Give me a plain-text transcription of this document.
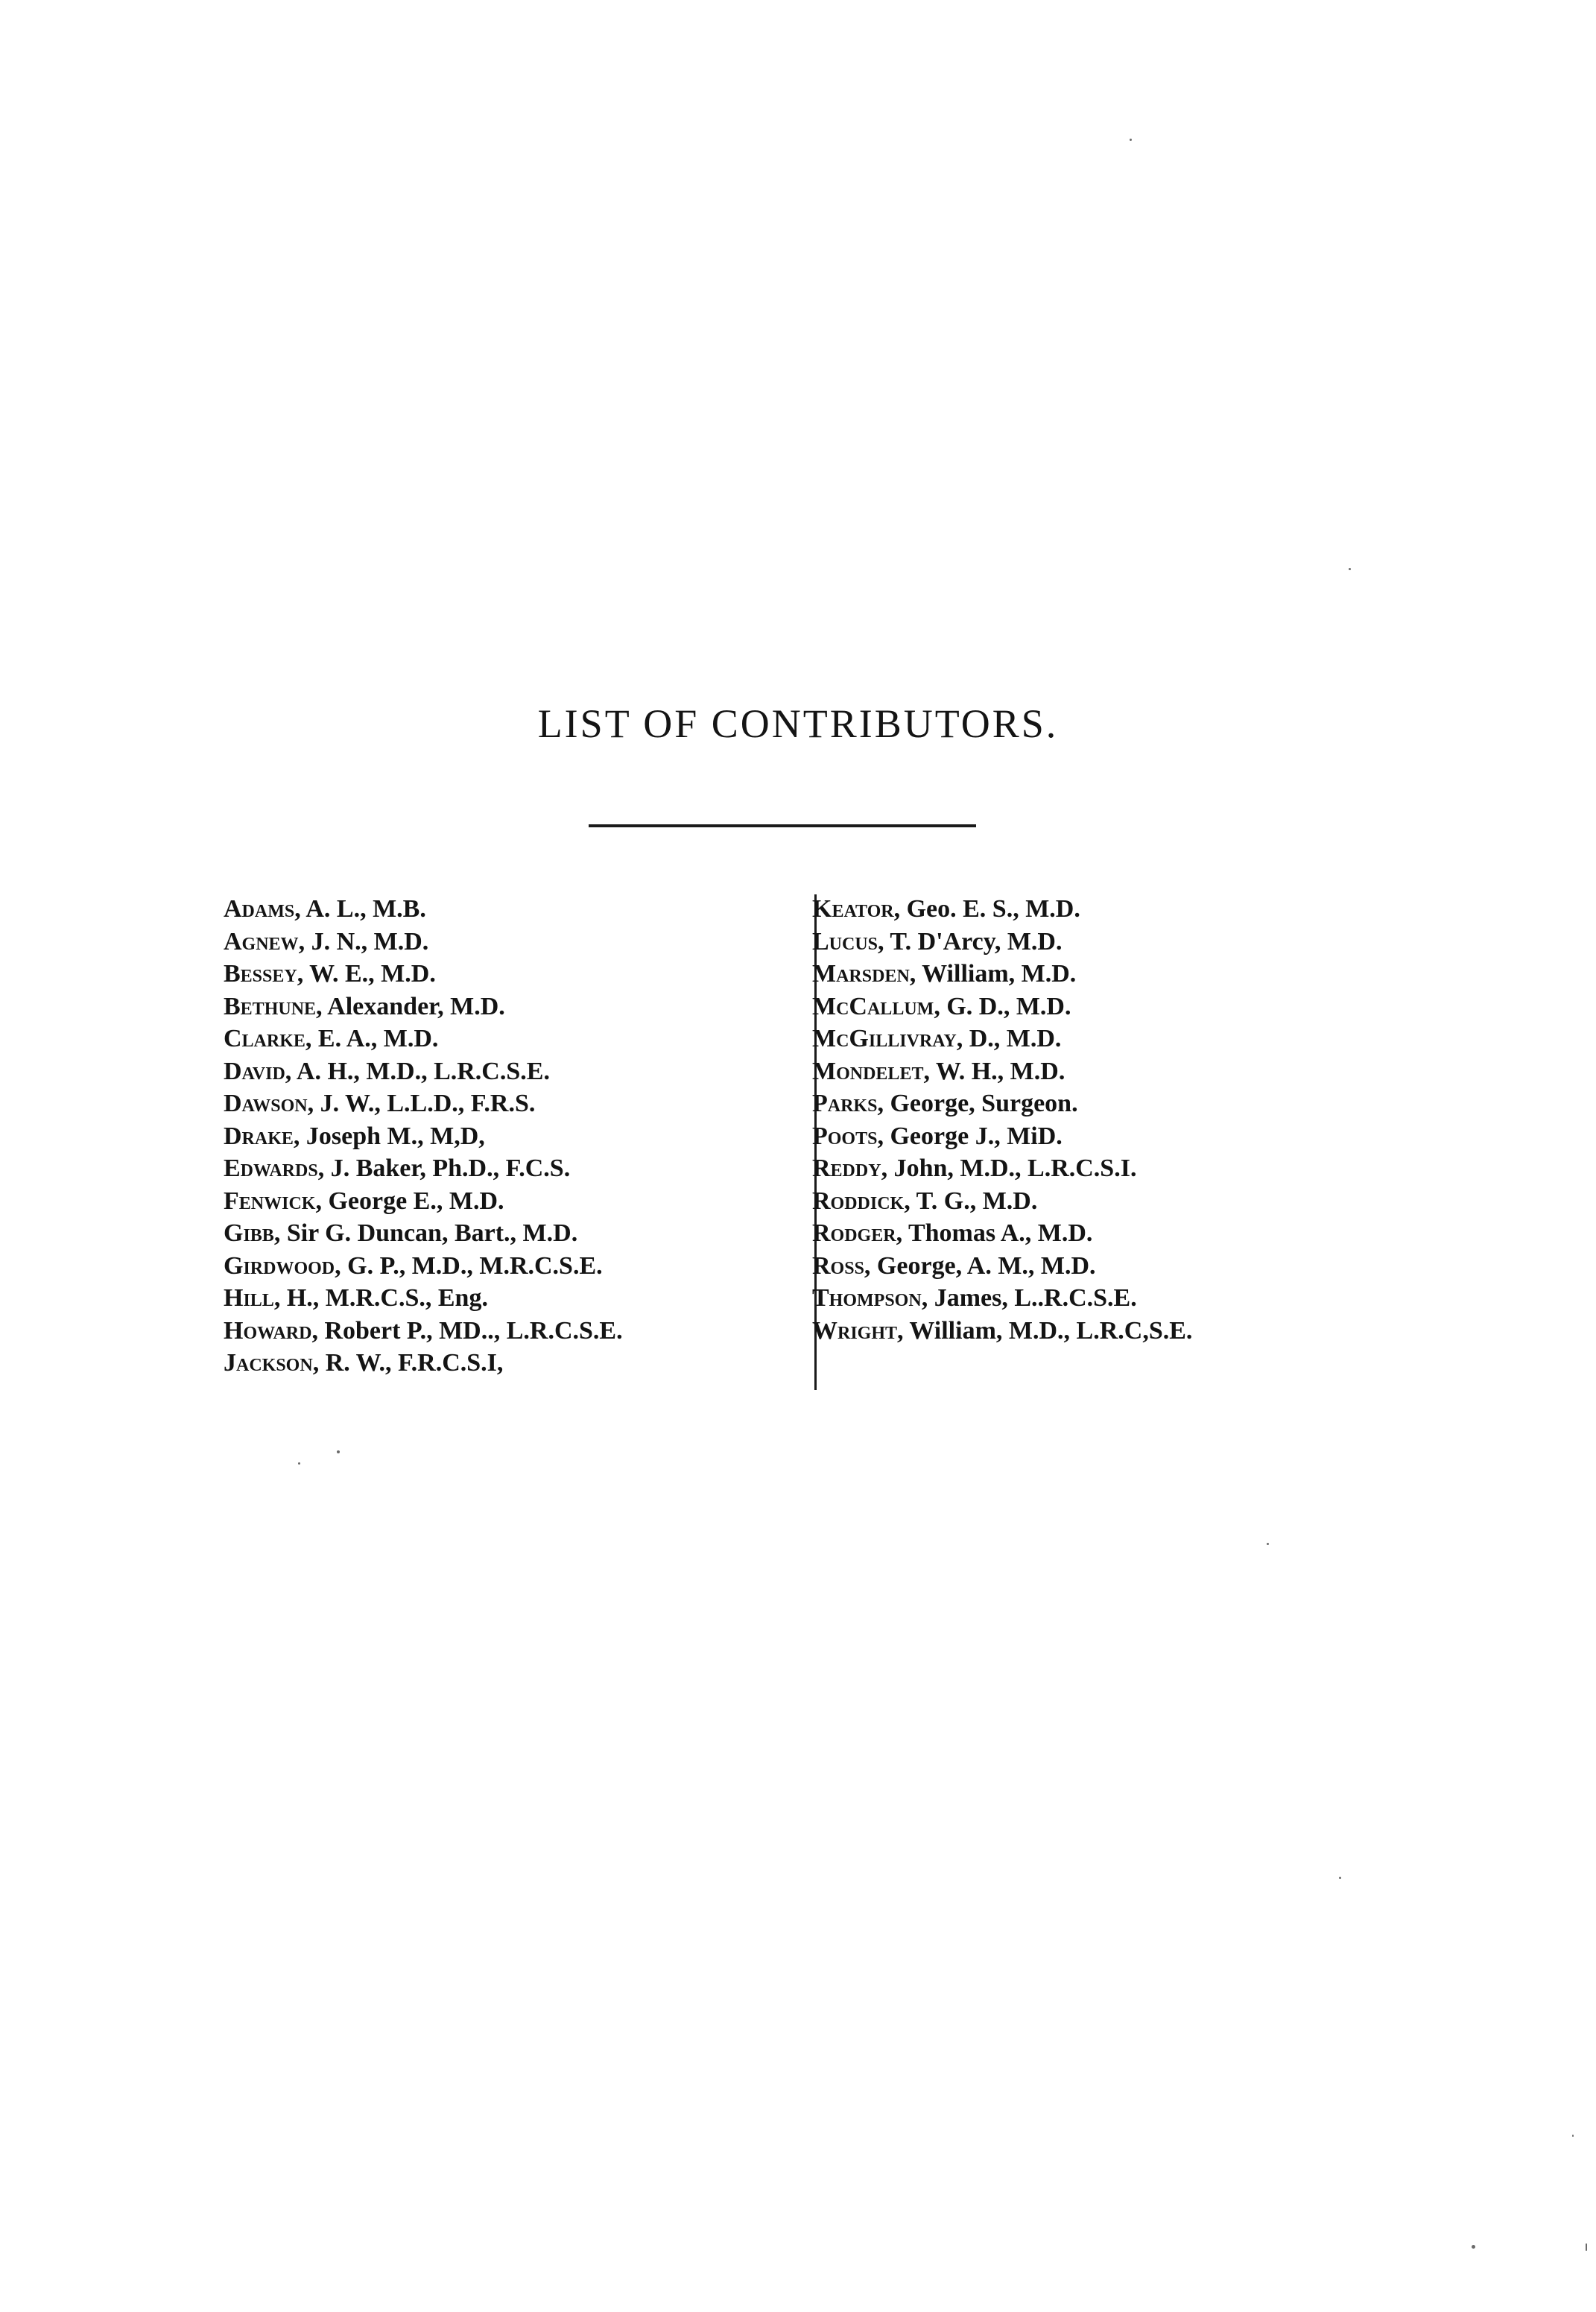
LIST OF CONTRIBUTORS.
Adams, A. L., M.B.
Agnew, J. N., M.D.
Bessey, W. E., M.D.
Bethune, Alexander, M.D.
Clarke, E. A., M.D.
David, A. H., M.D., L.R.C.S.E.
Dawson, J. W., L.L.D., F.R.S.
Drake, Joseph M., M,D,
Edwards, J. Baker, Ph.D., F.C.S.
Fenwick, George E., M.D.
Gibb, Sir G. Duncan, Bart., M.D.
Girdwood, G. P., M.D., M.R.C.S.E.
Hill, H., M.R.C.S., Eng.
Howard, Robert P., MD.., L.R.C.S.E.
Jackson, R. W., F.R.C.S.I,
Keator, Geo. E. S., M.D.
Lucus, T. D'Arcy, M.D.
Marsden, William, M.D.
McCallum, G. D., M.D.
McGillivray, D., M.D.
Mondelet, W. H., M.D.
Parks, George, Surgeon.
Poots, George J., MiD.
Reddy, John, M.D., L.R.C.S.I.
Roddick, T. G., M.D.
Rodger, Thomas A., M.D.
Ross, George, A. M., M.D.
Thompson, James, L..R.C.S.E.
Wright, William, M.D., L.R.C,S.E.
